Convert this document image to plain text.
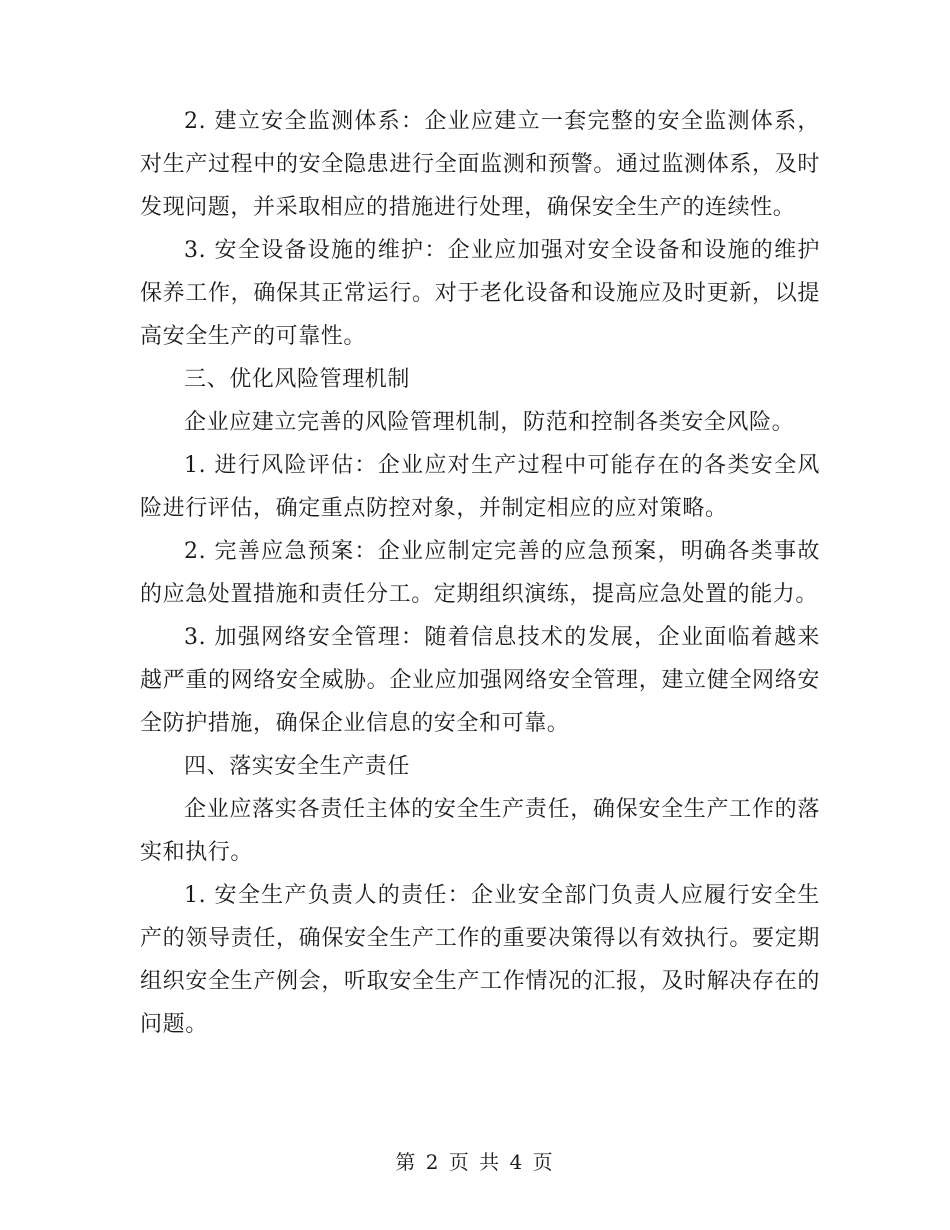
2. 建立安全监测体系：企业应建立一套完整的安全监测体系，对生产过程中的安全隐患进行全面监测和预警。通过监测体系，及时发现问题，并采取相应的措施进行处理，确保安全生产的连续性。

3. 安全设备设施的维护：企业应加强对安全设备和设施的维护保养工作，确保其正常运行。对于老化设备和设施应及时更新，以提高安全生产的可靠性。

三、优化风险管理机制

企业应建立完善的风险管理机制，防范和控制各类安全风险。

1. 进行风险评估：企业应对生产过程中可能存在的各类安全风险进行评估，确定重点防控对象，并制定相应的应对策略。

2. 完善应急预案：企业应制定完善的应急预案，明确各类事故的应急处置措施和责任分工。定期组织演练，提高应急处置的能力。

3. 加强网络安全管理：随着信息技术的发展，企业面临着越来越严重的网络安全威胁。企业应加强网络安全管理，建立健全网络安全防护措施，确保企业信息的安全和可靠。

四、落实安全生产责任

企业应落实各责任主体的安全生产责任，确保安全生产工作的落实和执行。

1. 安全生产负责人的责任：企业安全部门负责人应履行安全生产的领导责任，确保安全生产工作的重要决策得以有效执行。要定期组织安全生产例会，听取安全生产工作情况的汇报，及时解决存在的问题。

第 2 页 共 4 页
